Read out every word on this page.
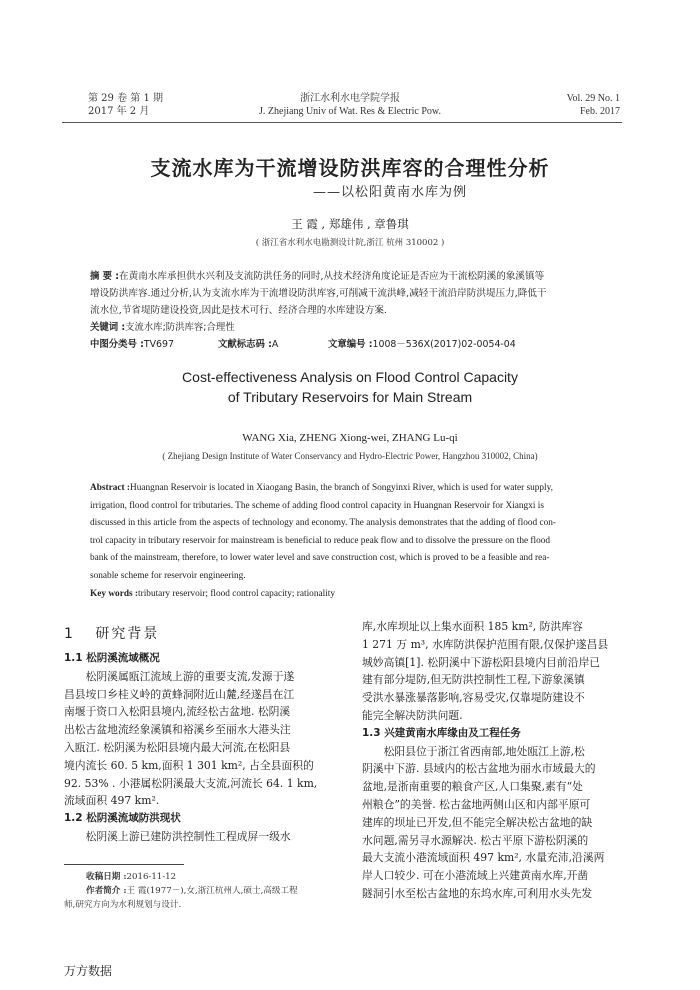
第 29 卷 第 1 期
2017 年 2 月
浙江水利水电学院学报
J. Zhejiang Univ of Wat. Res & Electric Pow.
Vol. 29 No. 1
Feb. 2017
支流水库为干流增设防洪库容的合理性分析
——以松阳黄南水库为例
王 霞 , 郑雄伟 , 章鲁琪
( 浙江省水利水电勘测设计院,浙江 杭州 310002 )
摘 要 :在黄南水库承担供水兴利及支流防洪任务的同时,从技术经济角度论证是否应为干流松阴溪的象溪镇等
增设防洪库容.通过分析,认为支流水库为干流增设防洪库容,可削减干流洪峰,减轻干流沿岸防洪堤压力,降低干
流水位,节省堤防建设投资,因此是技术可行、经济合理的水库建设方案.
关键词 :支流水库;防洪库容;合理性
中图分类号 :TV697	文献标志码 :A	文章编号 :1008－536X(2017)02-0054-04
Cost-effectiveness Analysis on Flood Control Capacity
of Tributary Reservoirs for Main Stream
WANG Xia, ZHENG Xiong-wei, ZHANG Lu-qi
( Zhejiang Design Institute of Water Conservancy and Hydro-Electric Power, Hangzhou 310002, China)
Abstract :Huangnan Reservoir is located in Xiaogang Basin, the branch of Songyinxi River, which is used for water supply,
irrigation, flood control for tributaries. The scheme of adding flood control capacity in Huangnan Reservoir for Xiangxi is
discussed in this article from the aspects of technology and economy. The analysis demonstrates that the adding of flood con-
trol capacity in tributary reservoir for mainstream is beneficial to reduce peak flow and to dissolve the pressure on the flood
bank of the mainstream, therefore, to lower water level and save construction cost, which is proved to be a feasible and rea-
sonable scheme for reservoir engineering.
Key words :tributary reservoir; flood control capacity; rationality
1 研究背景
1.1 松阴溪流域概况
松阴溪属瓯江流域上游的重要支流,发源于遂
昌县垵口乡桂义岭的黄蜂洞附近山麓,经遂昌在江
南堰于资口入松阳县境内,流经松古盆地. 松阴溪
出松古盆地流经象溪镇和裕溪乡至丽水大港头注
入瓯江. 松阴溪为松阳县境内最大河流,在松阳县
境内流长 60. 5 km,面积 1 301 km², 占全县面积的
92. 53% . 小港属松阴溪最大支流,河流长 64. 1 km,
流域面积 497 km².
1.2 松阴溪流域防洪现状
松阴溪上游已建防洪控制性工程成屏一级水
收稿日期 :2016-11-12
作者简介 :王 霞(1977－),女,浙江杭州人,硕士,高级工程
师,研究方向为水利规划与设计.
库,水库坝址以上集水面积 185 km², 防洪库容
1 271 万 m³, 水库防洪保护范围有限,仅保护遂昌县
城妙高镇[1]. 松阴溪中下游松阳县境内目前沿岸已
建有部分堤防,但无防洪控制性工程,下游象溪镇
受洪水暴涨暴落影响,容易受灾,仅靠堤防建设不
能完全解决防洪问题.
1.3 兴建黄南水库缘由及工程任务
松阳县位于浙江省西南部,地处瓯江上游,松
阴溪中下游. 县域内的松古盆地为丽水市域最大的
盆地,是浙南重要的粮食产区,人口集聚,素有“处
州粮仓”的美誉. 松古盆地两侧山区和内部平原可
建库的坝址已开发,但不能完全解决松古盆地的缺
水问题,需另寻水源解决. 松古平原下游松阴溪的
最大支流小港流域面积 497 km², 水量充沛,沿溪两
岸人口较少. 可在小港流域上兴建黄南水库,开凿
隧洞引水至松古盆地的东坞水库,可利用水头先发
万方数据
